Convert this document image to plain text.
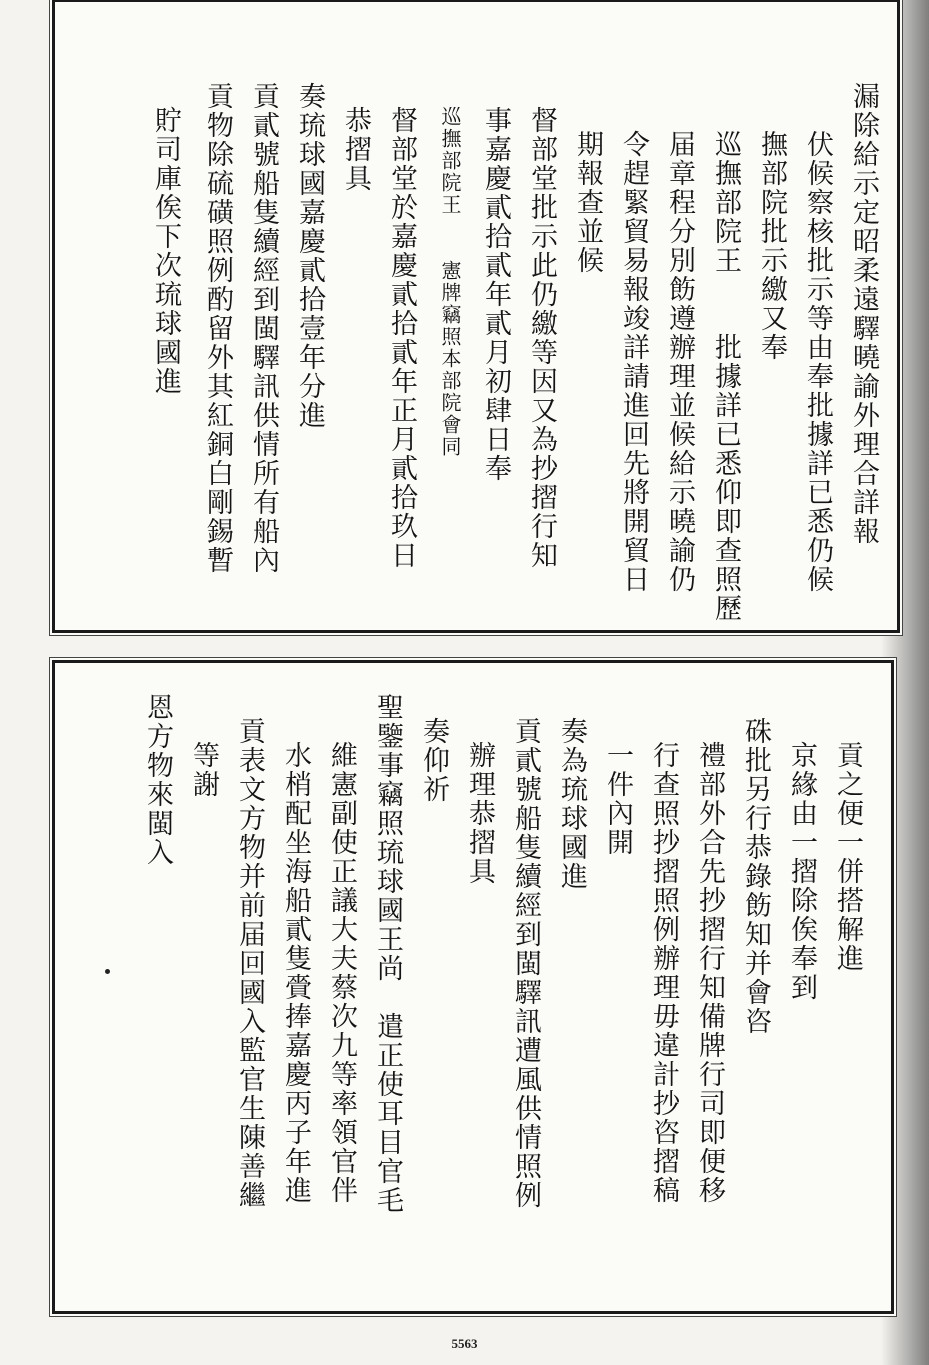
漏除給示定昭柔遠驛曉諭外理合詳報
伏候察核批示等由奉批據詳已悉仍候
撫部院批示繳又奉
巡撫部院王　　批據詳已悉仰即查照歷
届章程分別飭遵辦理並候給示曉諭仍
令趕緊貿易報竣詳請進回先將開貿日
期報查並候
督部堂批示此仍繳等因又為抄摺行知
事嘉慶貳拾貳年貳月初肆日奉
巡撫部院王　　憲牌竊照本部院會同
督部堂於嘉慶貳拾貳年正月貳拾玖日
恭摺具
奏琉球國嘉慶貳拾壹年分進
貢貳號船隻續經到閩驛訊供情所有船內
貢物除硫磺照例酌留外其紅銅白剛錫暫
貯司庫俟下次琉球國進
貢之便一併搭解進
京緣由一摺除俟奉到
硃批另行恭錄飭知并會咨
禮部外合先抄摺行知備牌行司即便移
行查照抄摺照例辦理毋違計抄咨摺稿
一件內開
奏為琉球國進
貢貳號船隻續經到閩驛訊遭風供情照例
辦理恭摺具
奏仰祈
聖鑒事竊照琉球國王尚　遣正使耳目官毛
維憲副使正議大夫蔡次九等率領官伴
水梢配坐海船貳隻賫捧嘉慶丙子年進
貢表文方物并前届回國入監官生陳善繼
等謝
恩方物來閩入
5563
